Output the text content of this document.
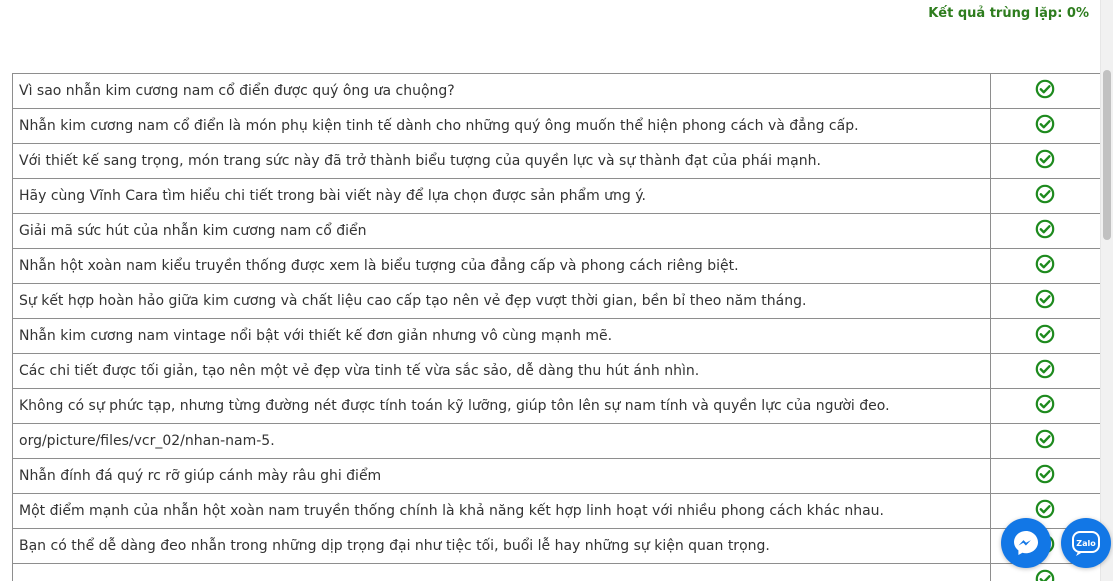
Kết quả trùng lặp: 0%
Vì sao nhẫn kim cương nam cổ điển được quý ông ưa chuộng?	

Nhẫn kim cương nam cổ điển là món phụ kiện tinh tế dành cho những quý ông muốn thể hiện phong cách và đẳng cấp.	

Với thiết kế sang trọng, món trang sức này đã trở thành biểu tượng của quyền lực và sự thành đạt của phái mạnh.	

Hãy cùng Vĩnh Cara tìm hiểu chi tiết trong bài viết này để lựa chọn được sản phẩm ưng ý.	

Giải mã sức hút của nhẫn kim cương nam cổ điển	

Nhẫn hột xoàn nam kiểu truyền thống được xem là biểu tượng của đẳng cấp và phong cách riêng biệt.	

Sự kết hợp hoàn hảo giữa kim cương và chất liệu cao cấp tạo nên vẻ đẹp vượt thời gian, bền bỉ theo năm tháng.	

Nhẫn kim cương nam vintage nổi bật với thiết kế đơn giản nhưng vô cùng mạnh mẽ.	

Các chi tiết được tối giản, tạo nên một vẻ đẹp vừa tinh tế vừa sắc sảo, dễ dàng thu hút ánh nhìn.	

Không có sự phức tạp, nhưng từng đường nét được tính toán kỹ lưỡng, giúp tôn lên sự nam tính và quyền lực của người đeo.	

org/picture/files/vcr_02/nhan-nam-5.	

Nhẫn đính đá quý rc rỡ giúp cánh mày râu ghi điểm	

Một điểm mạnh của nhẫn hột xoàn nam truyền thống chính là khả năng kết hợp linh hoạt với nhiều phong cách khác nhau.	

Bạn có thể dễ dàng đeo nhẫn trong những dịp trọng đại như tiệc tối, buổi lễ hay những sự kiện quan trọng.	

		Zalo
